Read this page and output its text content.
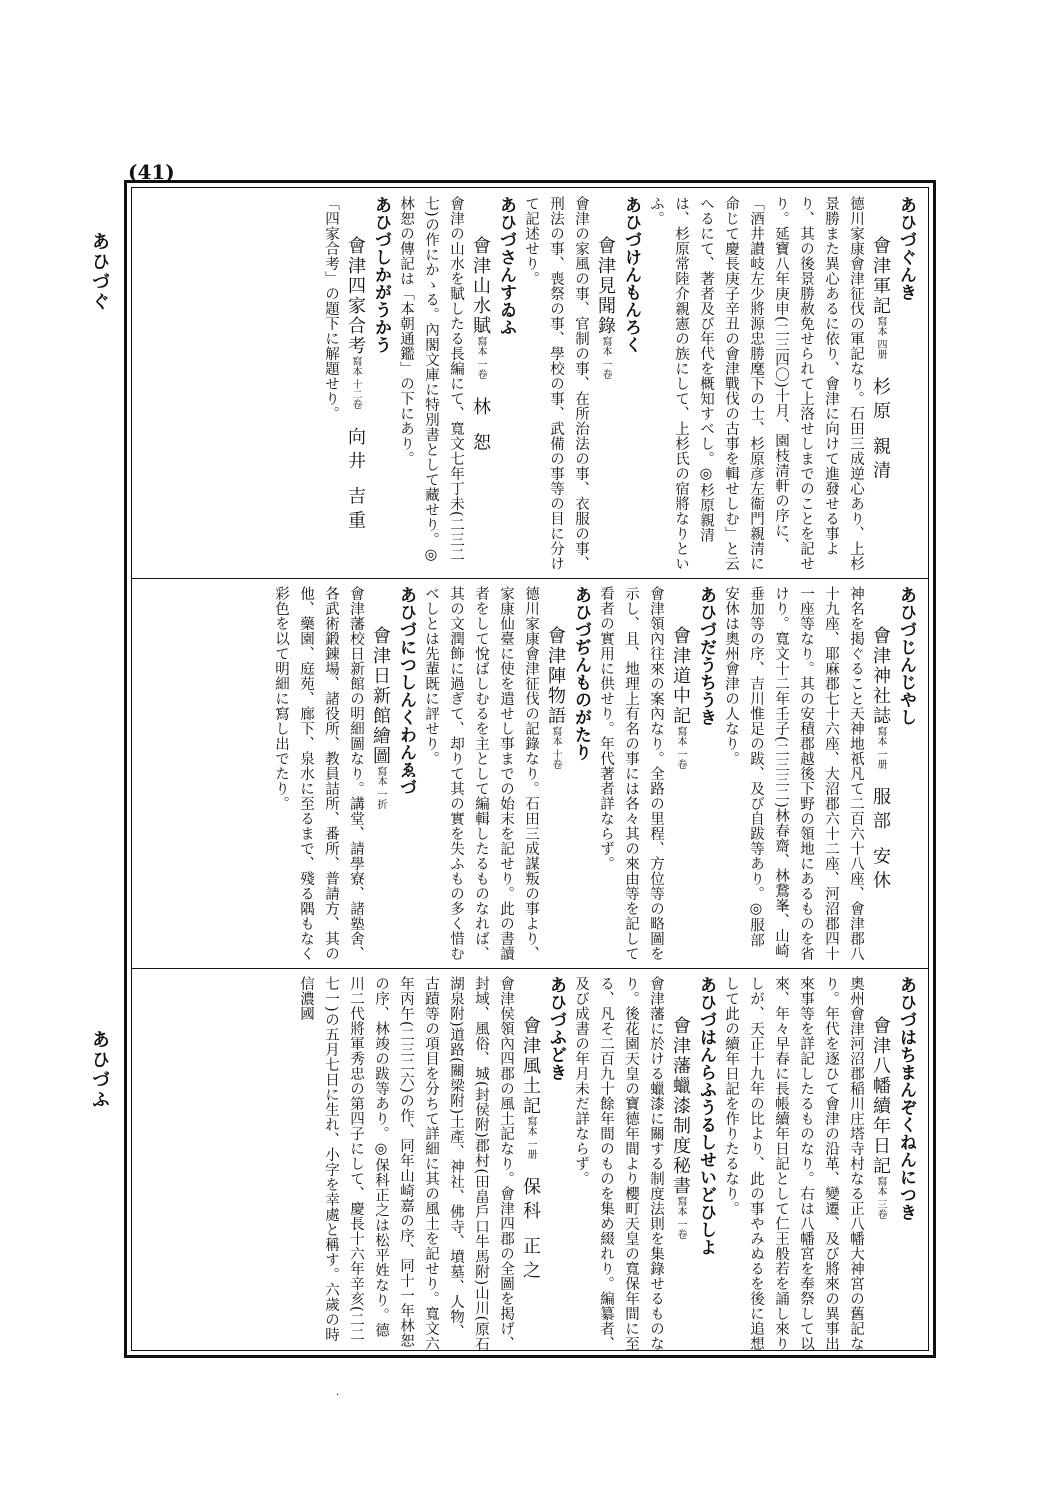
(41)
あひづぐ
あひづふ
あひづぐんき
會津軍記寫本 四册杉原 親清
德川家康會津征伐の軍記なり。石田三成逆心あり、上杉景勝また異心あるに依り、會津に向けて進發せる事より、其の後景勝赦免せられて上洛せしまでのことを記せり。延寶八年庚申(二三四〇)十月、園枝清軒の序に、「酒井讃岐左少將源忠勝麾下の士、杉原彦左衞門親清に命じて慶長庚子辛丑の會津戰伐の古事を輯せしむ」と云へるにて、著者及び年代を概知すべし。◎杉原親清は、杉原常陸介親憲の族にして、上杉氏の宿將なりといふ。
あひづけんもんろく
會津見聞錄寫本 一卷
會津の家風の事、官制の事、在所治法の事、衣服の事、刑法の事、喪祭の事、學校の事、武備の事等の目に分けて記述せり。
あひづさんすゐふ
會津山水賦寫本 一卷林 恕
會津の山水を賦したる長編にて、寬文七年丁未(二三二七)の作にかゝる。內閣文庫に特別書として藏せり。◎林恕の傳記は「本朝通鑑」の下にあり。
あひづしかがうかう
會津四家合考寫本 十二卷向井 吉重
「四家合考」の題下に解題せり。
あひづじんじやし
會津神社誌寫本 一册服部 安休
神名を掲ぐること天神地祇凡て二百六十八座、會津郡八十九座、耶麻郡七十六座、大沼郡六十二座、河沼郡四十一座等なり。其の安積郡越後下野の領地にあるものを省けり。寬文十二年壬子(二三三二)林春齋、林鵞峯、山崎垂加等の序、吉川惟足の跋、及び自跋等あり。◎服部安休は奧州會津の人なり。
あひづだうちうき
會津道中記寫本 一卷
會津領內往來の案內なり。全路の里程、方位等の略圖を示し、且、地理上有名の事には各々其の來由等を記して看者の實用に供せり。年代著者詳ならず。
あひづぢんものがたり
會津陣物語寫本 十卷
德川家康會津征伐の記錄なり。石田三成謀叛の事より、家康仙臺に使を遣せし事までの始末を記せり。此の書讀者をして悅ばしむるを主として編輯したるものなれば、其の文潤飾に過ぎて、却りて其の實を失ふもの多く惜むべしとは先輩既に評せり。
あひづにつしんくわんゑづ
會津日新館繪圖寫本 一折
會津藩校日新館の明細圖なり。講堂、請學寮、諸塾舍、各武術鍛錬場、諸役所、教員詰所、番所、普請方、其の他、藥園、庭苑、廊下、泉水に至るまで、殘る隅もなく彩色を以て明細に寫し出でたり。
あひづはちまんぞくねんにつき
會津八幡續年日記寫本 三卷
奧州會津河沼郡稲川庄塔寺村なる正八幡大神宮の舊記なり。年代を逐ひて會津の沿革、變遷、及び將來の異事出來事等を詳記したるものなり。右は八幡宮を奉祭して以來、年々早春に長帳續年日記として仁王般若を誦し來りしが、天正十九年の比より、此の事やみぬるを後に追想して此の續年日記を作りたるなり。
あひづはんらふうるしせいどひしよ
會津藩蠟漆制度秘書寫本 一卷
會津藩に於ける蠟漆に關する制度法則を集錄せるものなり。後花園天皇の寶德年間より櫻町天皇の寬保年間に至る、凡そ二百九十餘年間のものを集め綴れり。編纂者、及び成書の年月未だ詳ならず。
あひづふどき
會津風土記寫本 一册保科 正之
會津侯領內四郡の風土記なり。會津四郡の全圖を掲げ、封域、風俗、城(封侯附)郡村(田畠戶口牛馬附)山川(原石湖泉附)道路(關梁附)土產、神社、佛寺、墳墓、人物、古蹟等の項目を分ちて詳細に其の風土を記せり。寬文六年丙午(二三二六)の作、同年山崎嘉の序、同十一年林恕の序、林竣の跋等あり。◎保科正之は松平姓なり。德川二代將軍秀忠の第四子にして、慶長十六年辛亥(二二七一)の五月七日に生れ、小字を幸處と稱す。六歲の時信濃國
·
